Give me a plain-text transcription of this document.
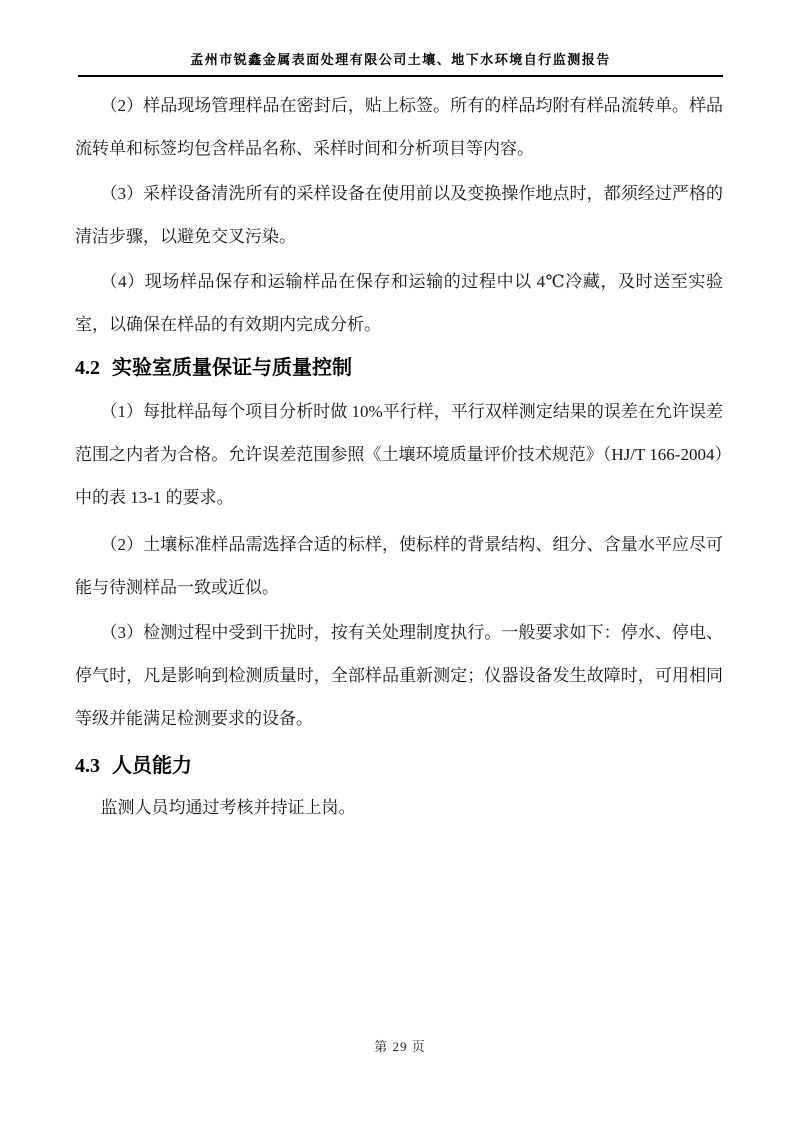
孟州市锐鑫金属表面处理有限公司土壤、地下水环境自行监测报告

（2）样品现场管理样品在密封后，贴上标签。所有的样品均附有样品流转单。样品流转单和标签均包含样品名称、采样时间和分析项目等内容。

（3）采样设备清洗所有的采样设备在使用前以及变换操作地点时，都须经过严格的清洁步骤，以避免交叉污染。

（4）现场样品保存和运输样品在保存和运输的过程中以 4℃冷藏，及时送至实验室，以确保在样品的有效期内完成分析。

4.2 实验室质量保证与质量控制

（1）每批样品每个项目分析时做 10%平行样，平行双样测定结果的误差在允许误差范围之内者为合格。允许误差范围参照《土壤环境质量评价技术规范》（HJ/T 166-2004）中的表 13-1 的要求。

（2）土壤标准样品需选择合适的标样，使标样的背景结构、组分、含量水平应尽可能与待测样品一致或近似。

（3）检测过程中受到干扰时，按有关处理制度执行。一般要求如下：停水、停电、停气时，凡是影响到检测质量时，全部样品重新测定；仪器设备发生故障时，可用相同等级并能满足检测要求的设备。

4.3 人员能力

监测人员均通过考核并持证上岗。

第 29 页
